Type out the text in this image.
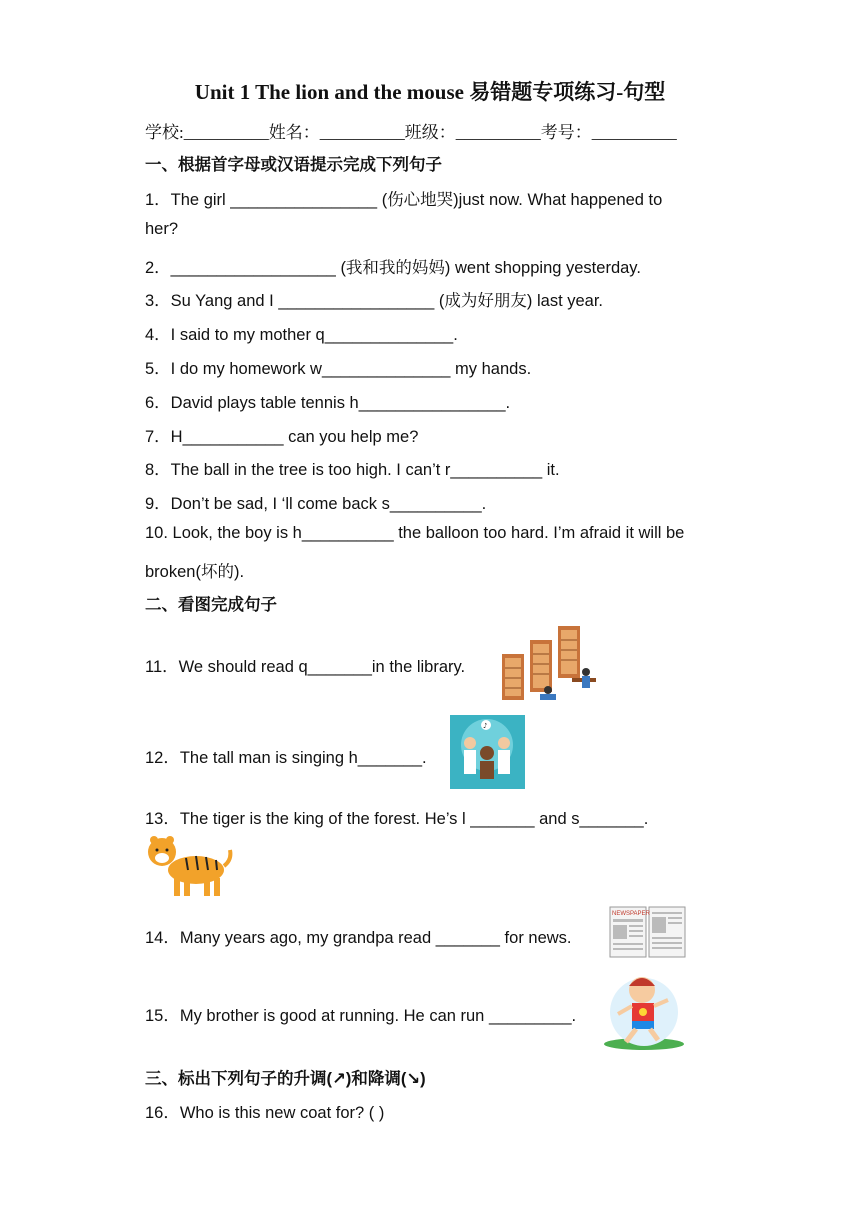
Unit 1 The lion and the mouse 易错题专项练习-句型
学校:__________姓名：__________班级：__________考号：__________
一、根据首字母或汉语提示完成下列句子
1．The girl ________________ (伤心地哭)just now. What happened to
her?
2．__________________ (我和我的妈妈) went shopping yesterday.
3．Su Yang and I _________________ (成为好朋友) last year.
4．I said to my mother q______________.
5．I do my homework w______________ my hands.
6．David plays table tennis h________________.
7．H___________ can you help me?
8．The ball in the tree is too high. I can’t r__________ it.
9．Don’t be sad, I ‘ll come back s__________.
10. Look, the boy is h__________ the balloon too hard. I’m afraid it will be
broken(坏的).
二、看图完成句子
11．We should read q_______in the library.
12．The tall man is singing h_______.
♪
13．The tiger is the king of the forest. He’s l _______ and s_______.
14．Many years ago, my grandpa read _______ for news.
NEWSPAPER
15．My brother is good at running. He can run _________.
三、标出下列句子的升调(↗)和降调(↘)
16．Who is this new coat for? ( )
